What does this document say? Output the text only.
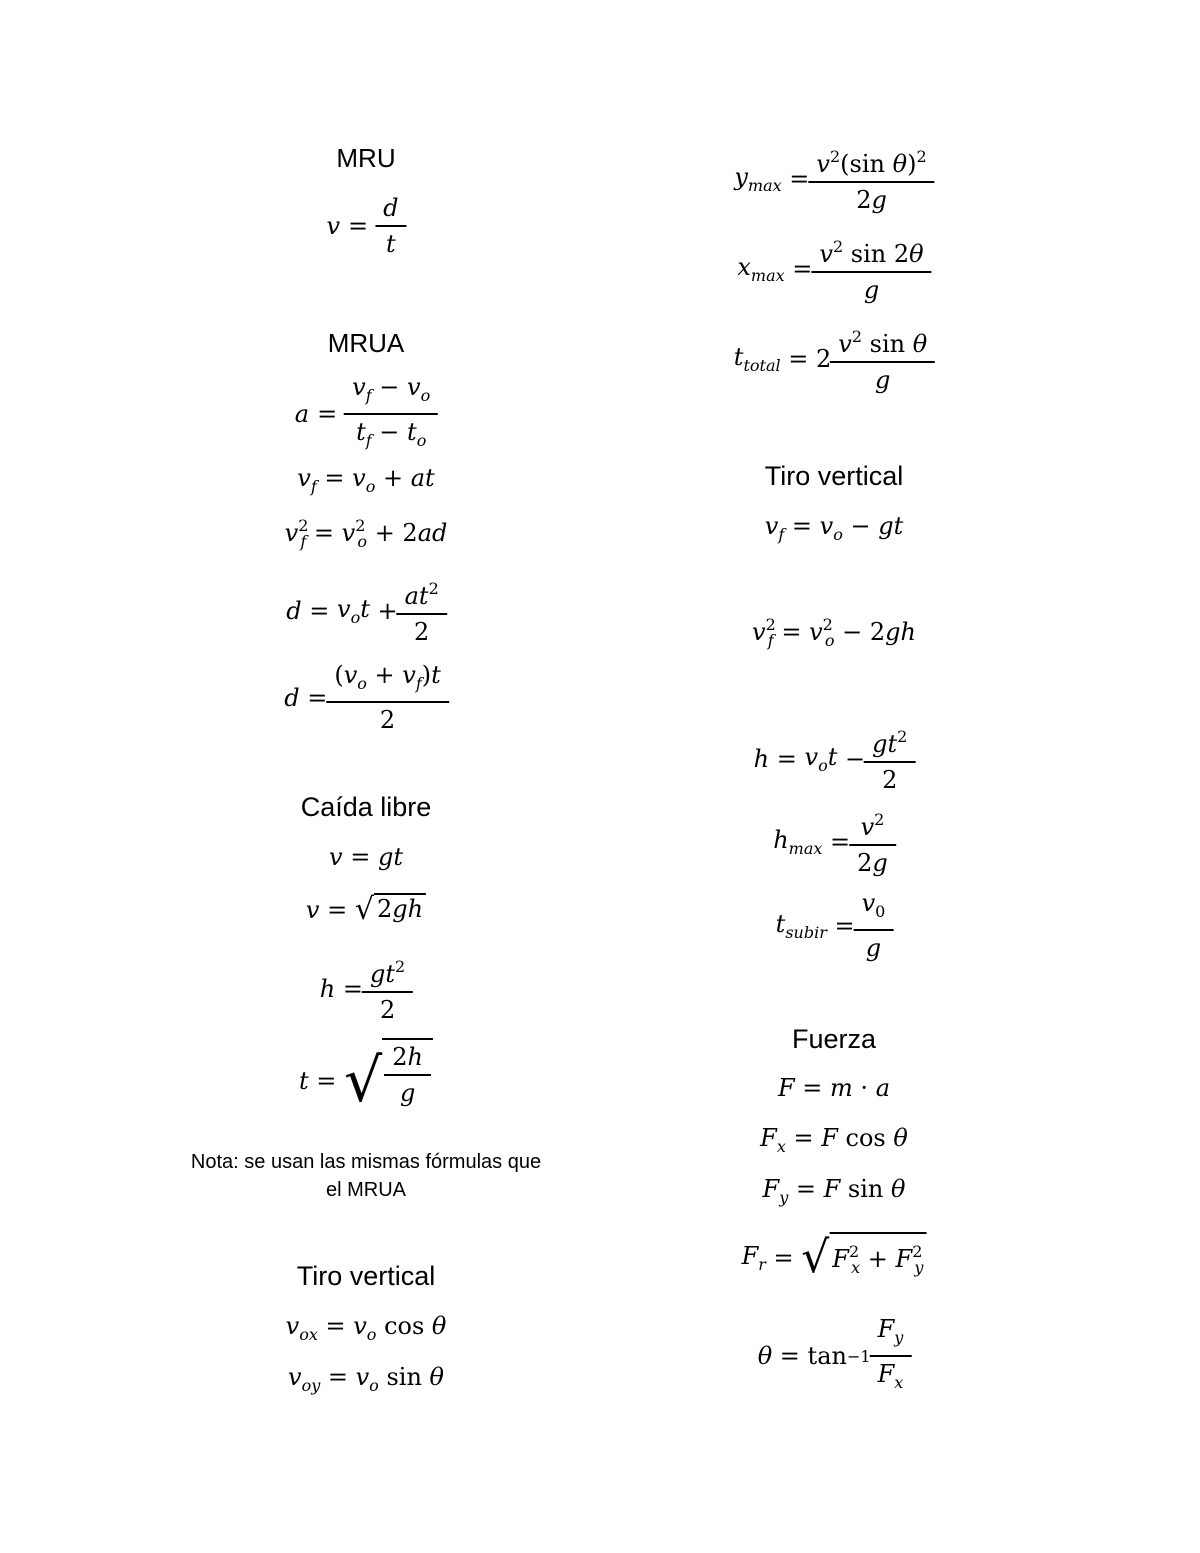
MRU
$v = \frac{d}{t}$
MRUA
$a = \frac{v_f - v_o}{t_f - t_o}$
$v_f = v_o$ + at
$v^2_f = v^2_o + 2ad$
$d = v_ot + \frac{at^2}{2}$
$d = \frac{(v_o + v_f)t}{2}$
Caída libre
v = gt
v = √ 2gh
$h = \frac{gt^2}{2}$
t = √ $\frac{2h}{g}$
Nota: se usan las mismas fórmulas que
el MRUA
Tiro vertical
$v_{ox} = v_o$ cos θ
$v_{oy} = v_o$ sin θ
$y_{max} = \frac{v^2(\sin \theta)^2}{2g}$
$x_{max} = \frac{v^2 \sin 2\theta}{g}$
$t_{total} = 2 \frac{v^2 \sin \theta}{g}$
Tiro vertical
$v_f = v_o$ − gt
$v^2_f = v^2_o - 2gh$
$h = v_ot - \frac{gt^2}{2}$
$h_{max} = \frac{v^2}{2g}$
$t_{subir} = \frac{v_0}{g}$
Fuerza
F = m · a
$F_x = F$ cos θ
$F_y = F$ sin θ
$F_r$ = √ $F^2_x + F^2_y$
$\theta = \tan -1 \frac{F_y}{F_x}$
